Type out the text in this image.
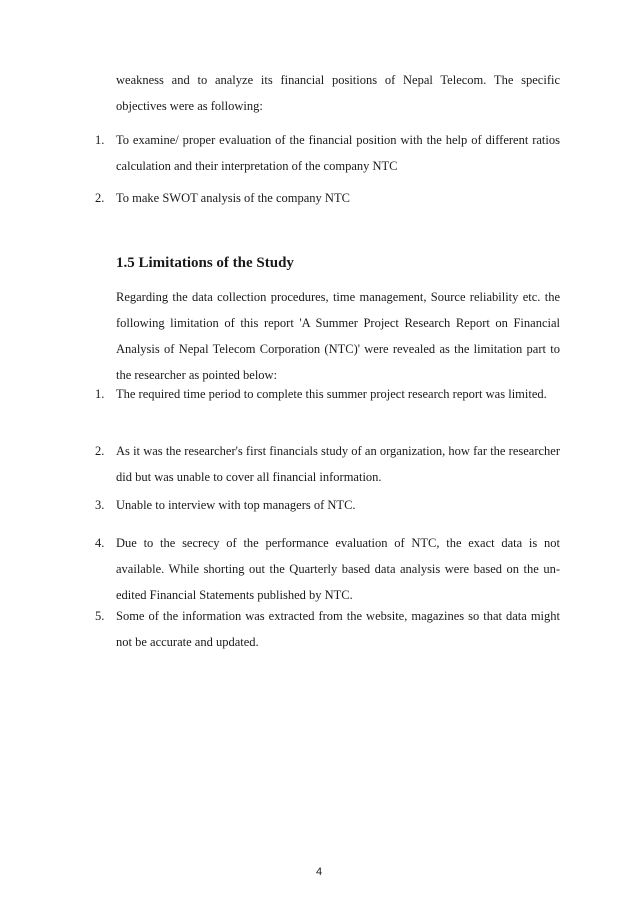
weakness and to analyze its financial positions of Nepal Telecom. The specific objectives were as following:
1. To examine/ proper evaluation of the financial position with the help of different ratios calculation and their interpretation of the company NTC
2. To make SWOT analysis of the company NTC
1.5 Limitations of the Study
Regarding the data collection procedures, time management, Source reliability etc. the following limitation of this report 'A Summer Project Research Report on Financial Analysis of Nepal Telecom Corporation (NTC)' were revealed as the limitation part to the researcher as pointed below:
1. The required time period to complete this summer project research report was limited.
2. As it was the researcher's first financials study of an organization, how far the researcher did but was unable to cover all financial information.
3. Unable to interview with top managers of NTC.
4. Due to the secrecy of the performance evaluation of NTC, the exact data is not available. While shorting out the Quarterly based data analysis were based on the un-edited Financial Statements published by NTC.
5. Some of the information was extracted from the website, magazines so that data might not be accurate and updated.
4
